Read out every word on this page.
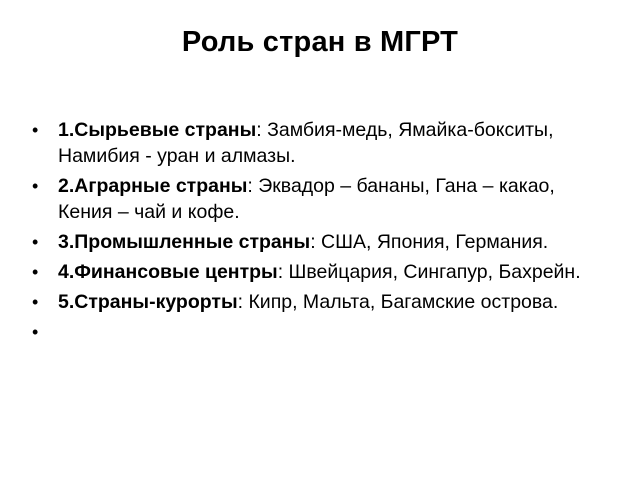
Роль стран в МГРТ
• 1.Сырьевые страны: Замбия-медь, Ямайка-бокситы, Намибия - уран и алмазы.
• 2.Аграрные страны: Эквадор – бананы, Гана – какао, Кения – чай и кофе.
• 3.Промышленные страны: США, Япония, Германия.
• 4.Финансовые центры: Швейцария, Сингапур, Бахрейн.
• 5.Страны-курорты: Кипр, Мальта, Багамские острова.
•
